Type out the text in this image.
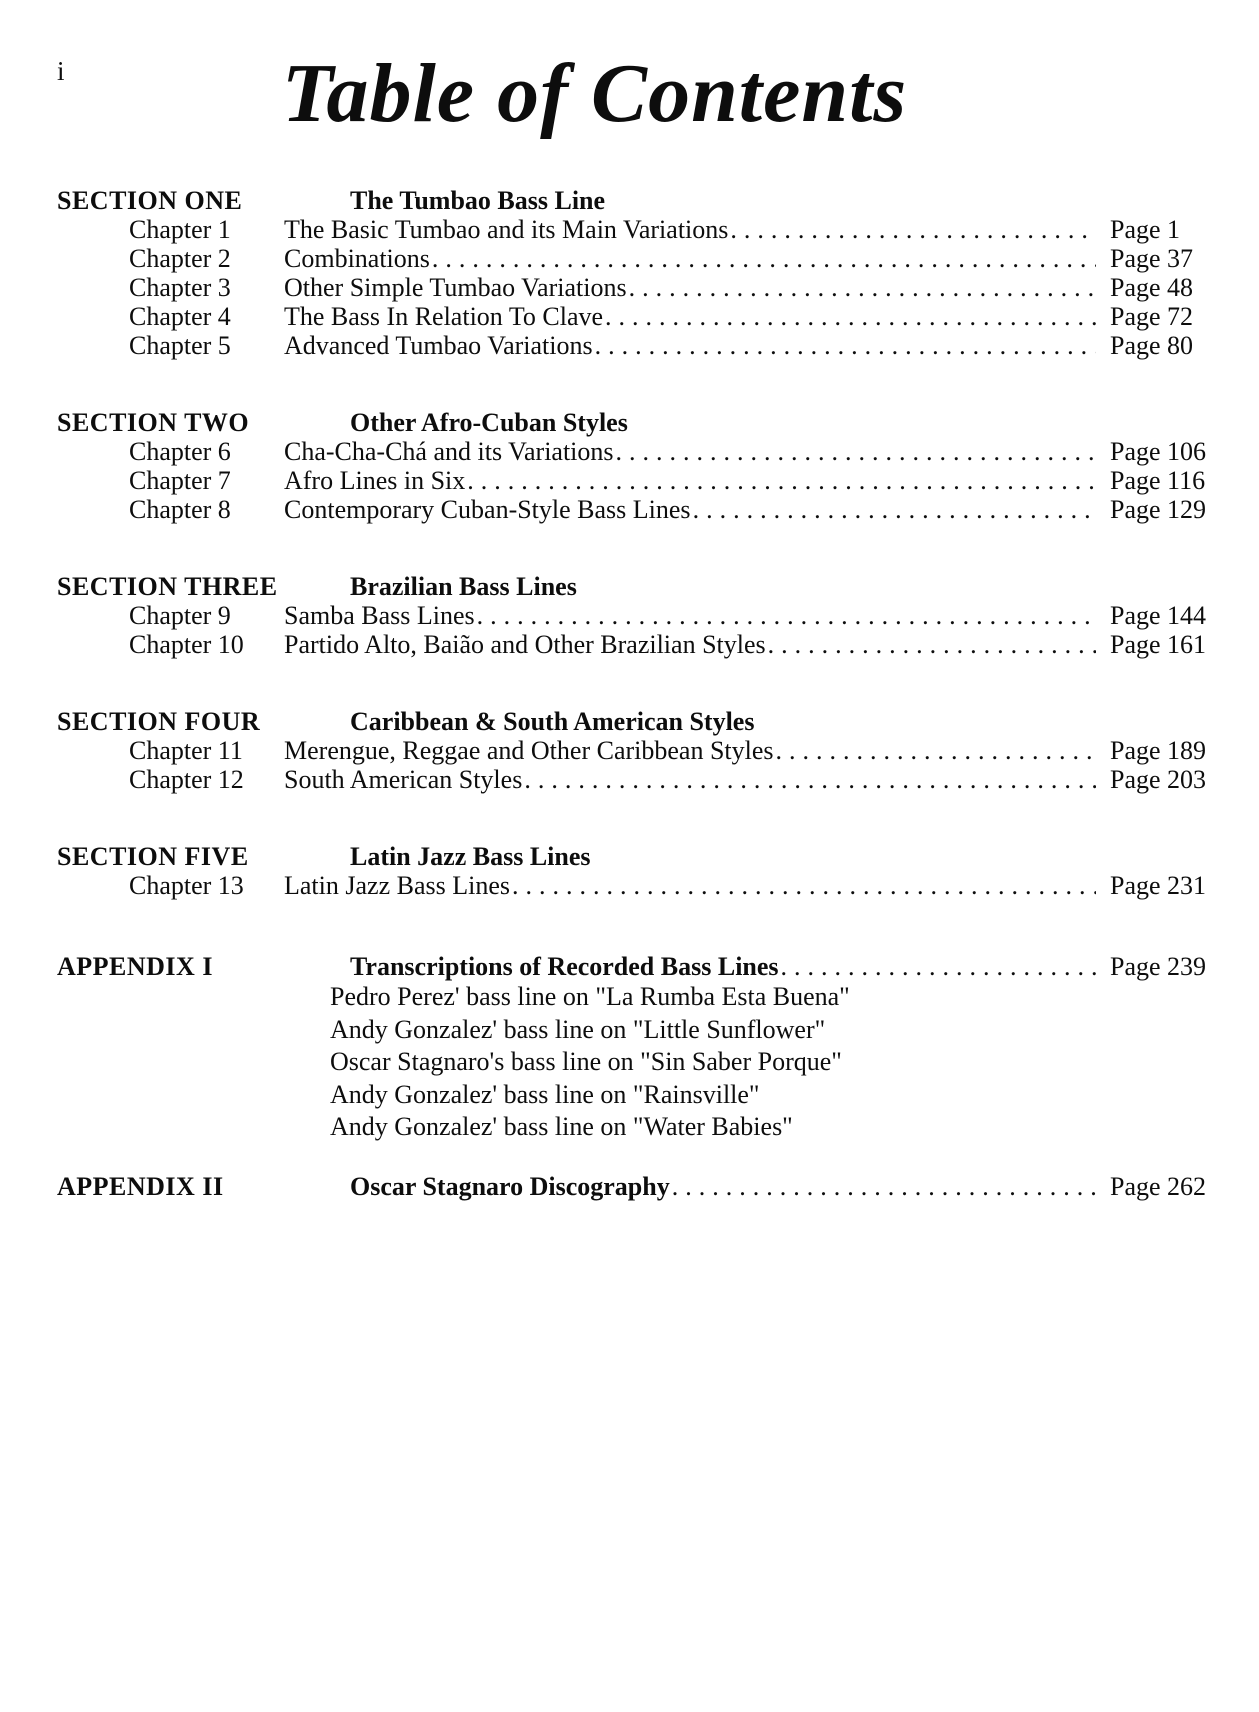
i	Table of Contents
SECTION ONE	The Tumbao Bass Line
Chapter 1	The Basic Tumbao and its Main Variations .....	Page 1
Chapter 2	Combinations .....	Page 37
Chapter 3	Other Simple Tumbao Variations .....	Page 48
Chapter 4	The Bass In Relation To Clave .....	Page 72
Chapter 5	Advanced Tumbao Variations .....	Page 80
SECTION TWO	Other Afro-Cuban Styles
Chapter 6	Cha-Cha-Chá and its Variations .....	Page 106
Chapter 7	Afro Lines in Six .....	Page 116
Chapter 8	Contemporary Cuban-Style Bass Lines .....	Page 129
SECTION THREE	Brazilian Bass Lines
Chapter 9	Samba Bass Lines .....	Page 144
Chapter 10	Partido Alto, Baião and Other Brazilian Styles .....	Page 161
SECTION FOUR	Caribbean & South American Styles
Chapter 11	Merengue, Reggae and Other Caribbean Styles .....	Page 189
Chapter 12	South American Styles .....	Page 203
SECTION FIVE	Latin Jazz Bass Lines
Chapter 13	Latin Jazz Bass Lines .....	Page 231
APPENDIX I	Transcriptions of Recorded Bass Lines .....	Page 239
Pedro Perez' bass line on "La Rumba Esta Buena"
Andy Gonzalez' bass line on "Little Sunflower"
Oscar Stagnaro's bass line on "Sin Saber Porque"
Andy Gonzalez' bass line on "Rainsville"
Andy Gonzalez' bass line on "Water Babies"
APPENDIX II	Oscar Stagnaro Discography .....	Page 262
